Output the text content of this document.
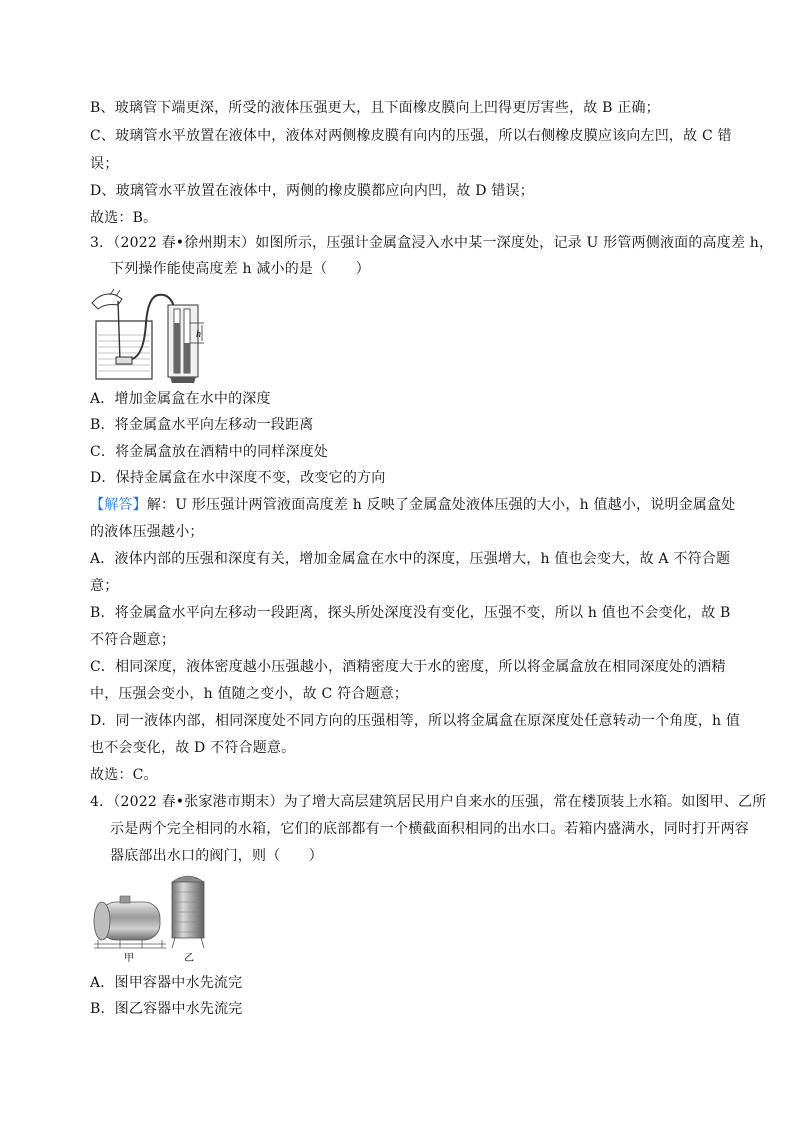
B、玻璃管下端更深，所受的液体压强更大，且下面橡皮膜向上凹得更厉害些，故 B 正确；
C、玻璃管水平放置在液体中，液体对两侧橡皮膜有向内的压强，所以右侧橡皮膜应该向左凹，故 C 错
误；
D、玻璃管水平放置在液体中，两侧的橡皮膜都应向内凹，故 D 错误；
故选：B。
3．（2022 春•徐州期末）如图所示，压强计金属盒浸入水中某一深度处，记录 U 形管两侧液面的高度差 h，
下列操作能使高度差 h 减小的是（　　）
h
A．增加金属盒在水中的深度
B．将金属盒水平向左移动一段距离
C．将金属盒放在酒精中的同样深度处
D．保持金属盒在水中深度不变，改变它的方向
【解答】解：U 形压强计两管液面高度差 h 反映了金属盒处液体压强的大小，h 值越小，说明金属盒处
的液体压强越小；
A．液体内部的压强和深度有关，增加金属盒在水中的深度，压强增大，h 值也会变大，故 A 不符合题
意；
B．将金属盒水平向左移动一段距离，探头所处深度没有变化，压强不变，所以 h 值也不会变化，故 B
不符合题意；
C．相同深度，液体密度越小压强越小，酒精密度大于水的密度，所以将金属盒放在相同深度处的酒精
中，压强会变小，h 值随之变小，故 C 符合题意；
D．同一液体内部，相同深度处不同方向的压强相等，所以将金属盒在原深度处任意转动一个角度，h 值
也不会变化，故 D 不符合题意。
故选：C。
4．（2022 春•张家港市期末）为了增大高层建筑居民用户自来水的压强，常在楼顶装上水箱。如图甲、乙所
示是两个完全相同的水箱，它们的底部都有一个横截面积相同的出水口。若箱内盛满水，同时打开两容
器底部出水口的阀门，则（　　）
甲	乙
A．图甲容器中水先流完
B．图乙容器中水先流完
